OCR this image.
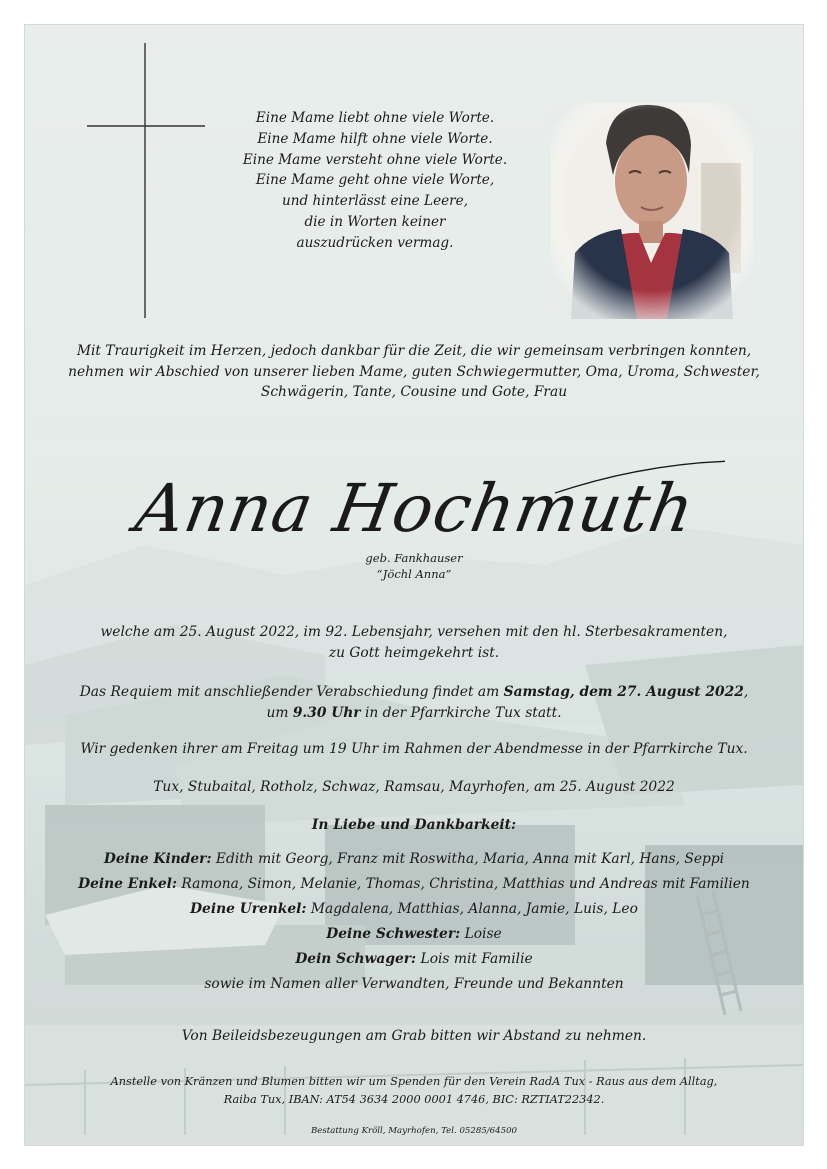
Eine Mame liebt ohne viele Worte.
Eine Mame hilft ohne viele Worte.
Eine Mame versteht ohne viele Worte.
Eine Mame geht ohne viele Worte,
und hinterlässt eine Leere,
die in Worten keiner
auszudrücken vermag.
Mit Traurigkeit im Herzen, jedoch dankbar für die Zeit, die wir gemeinsam verbringen konnten,
nehmen wir Abschied von unserer lieben Mame, guten Schwiegermutter, Oma, Uroma, Schwester,
Schwägerin, Tante, Cousine und Gote, Frau
Anna Hochmuth
geb. Fankhauser
“Jöchl Anna”
welche am 25. August 2022, im 92. Lebensjahr, versehen mit den hl. Sterbesakramenten,
zu Gott heimgekehrt ist.
Das Requiem mit anschließender Verabschiedung findet am Samstag, dem 27. August 2022,
um 9.30 Uhr in der Pfarrkirche Tux statt.
Wir gedenken ihrer am Freitag um 19 Uhr im Rahmen der Abendmesse in der Pfarrkirche Tux.
Tux, Stubaital, Rotholz, Schwaz, Ramsau, Mayrhofen, am 25. August 2022
In Liebe und Dankbarkeit:
Deine Kinder: Edith mit Georg, Franz mit Roswitha, Maria, Anna mit Karl, Hans, Seppi
Deine Enkel: Ramona, Simon, Melanie, Thomas, Christina, Matthias und Andreas mit Familien
Deine Urenkel: Magdalena, Matthias, Alanna, Jamie, Luis, Leo
Deine Schwester: Loise
Dein Schwager: Lois mit Familie
sowie im Namen aller Verwandten, Freunde und Bekannten
Von Beileidsbezeugungen am Grab bitten wir Abstand zu nehmen.
Anstelle von Kränzen und Blumen bitten wir um Spenden für den Verein RadA Tux - Raus aus dem Alltag,
Raiba Tux, IBAN: AT54 3634 2000 0001 4746, BIC: RZTIAT22342.
Bestattung Kröll, Mayrhofen, Tel. 05285/64500
